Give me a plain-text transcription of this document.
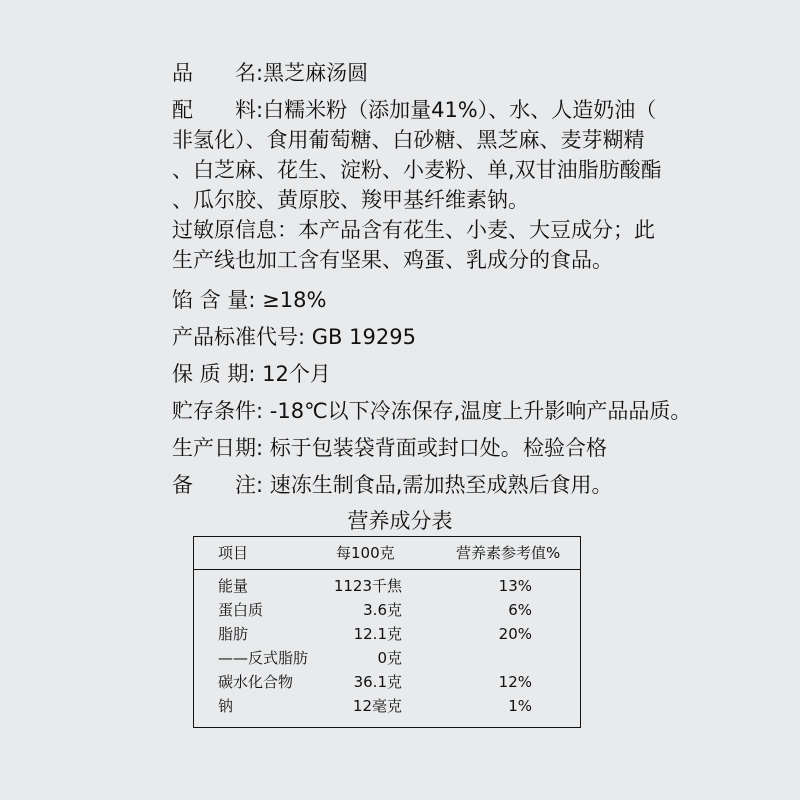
品　　名:黑芝麻汤圆
配　　料:白糯米粉（添加量41%）、水、人造奶油（
非氢化）、食用葡萄糖、白砂糖、黑芝麻、麦芽糊精
、白芝麻、花生、淀粉、小麦粉、单,双甘油脂肪酸酯
、瓜尔胶、黄原胶、羧甲基纤维素钠。
过敏原信息：本产品含有花生、小麦、大豆成分；此
生产线也加工含有坚果、鸡蛋、乳成分的食品。
馅 含 量: ≥18%
产品标准代号: GB 19295
保 质 期: 12个月
贮存条件: -18℃以下冷冻保存,温度上升影响产品品质。
生产日期: 标于包装袋背面或封口处。 检验合格
备　　注: 速冻生制食品,需加热至成熟后食用。
营养成分表
项目	每100克	营养素参考值%
能量	1123千焦	13%
蛋白质	3.6克	6%
脂肪	12.1克	20%
——反式脂肪	0克
碳水化合物	36.1克	12%
钠	12毫克	1%
